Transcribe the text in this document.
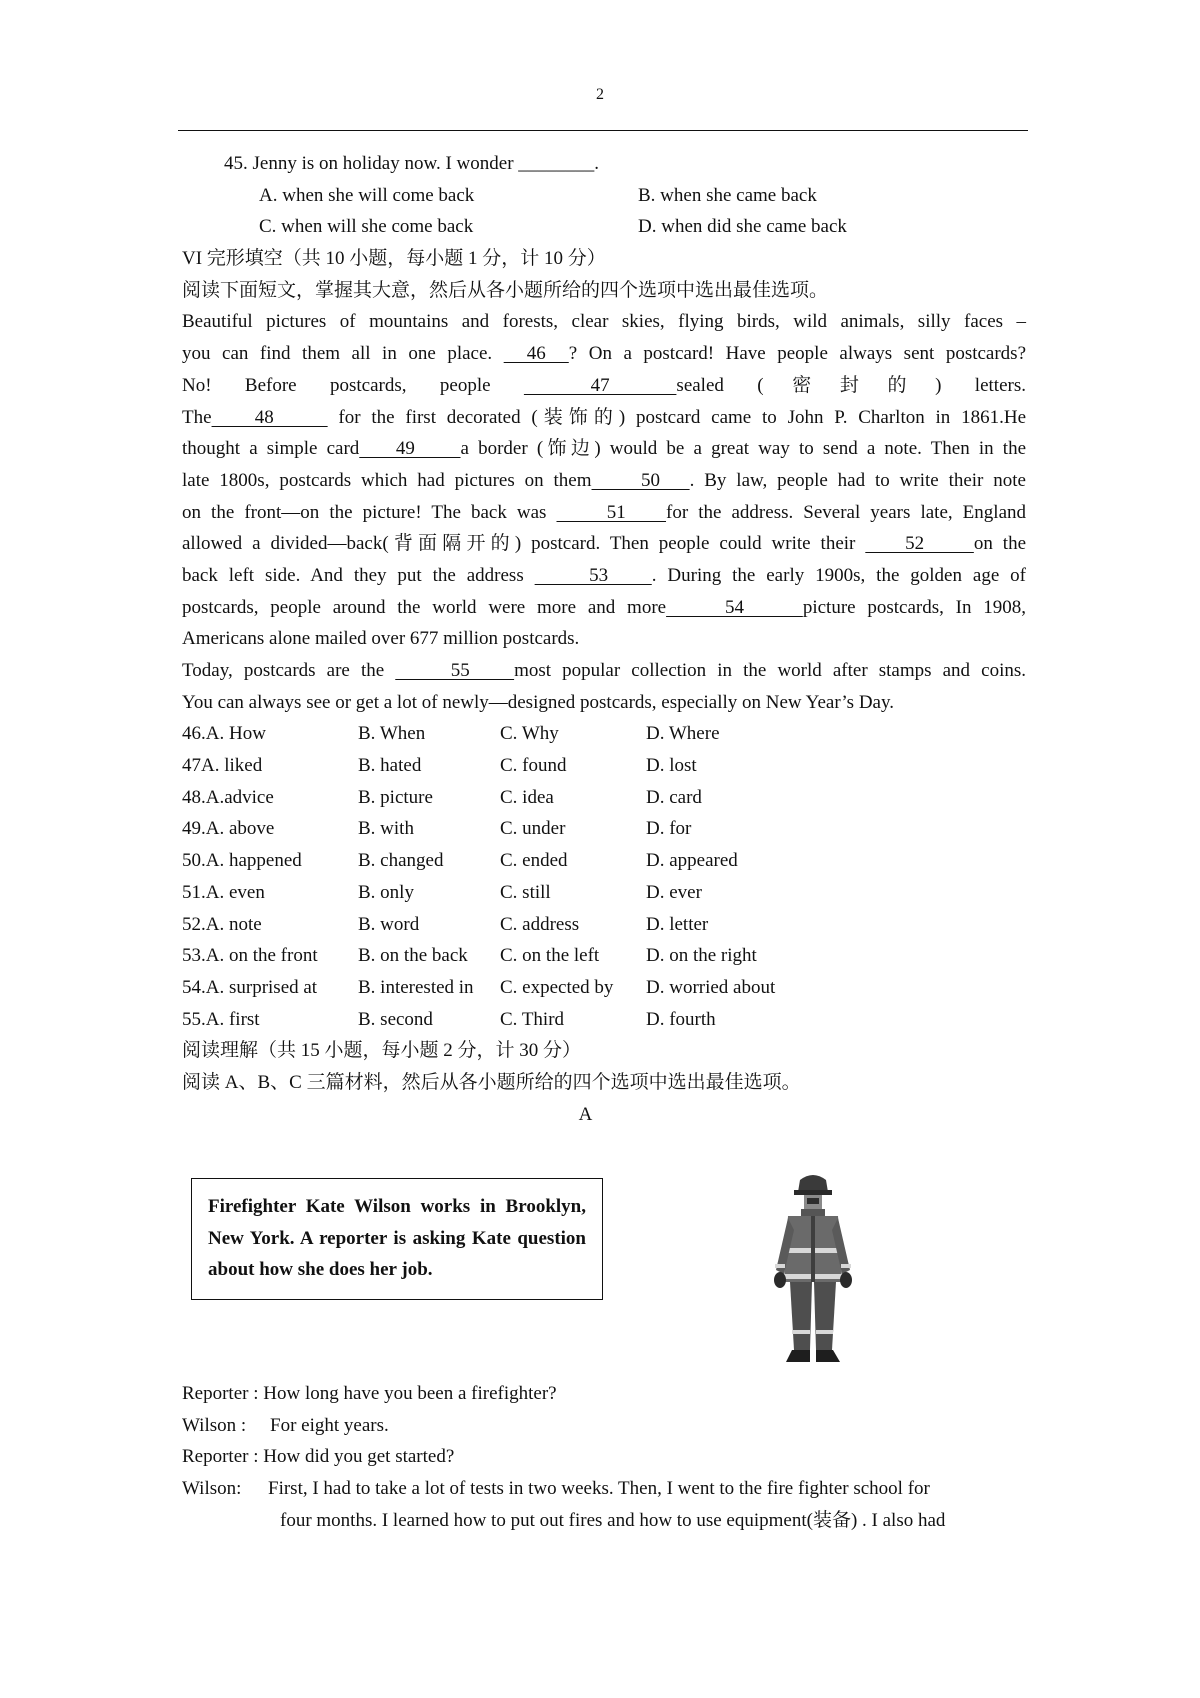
2
45. Jenny is on holiday now. I wonder ________.
A. when she will come back	B. when she came back
C. when will she come back	D. when did she came back
VI 完形填空（共 10 小题，每小题 1 分，计 10 分）
阅读下面短文，掌握其大意，然后从各小题所给的四个选项中选出最佳选项。
Beautiful pictures of mountains and forests, clear skies, flying birds, wild animals, silly faces –
you can find them all in one place.   46  ? On a postcard! Have people always sent postcards?
No! Before postcards, people   47  sealed (密封的) letters.
The    48      for the first decorated (装饰的) postcard came to John P. Charlton in 1861.He
thought a simple card    49     a border (饰边) would be a great way to send a note. Then in the
late 1800s, postcards which had pictures on them     50   . By law, people had to write their note
on the front—on the picture! The back was      51    for the address. Several years late, England
allowed a divided—back(背面隔开的) postcard. Then people could write their     52     on the
back left side. And they put the address      53    . During the early 1900s, the golden age of
postcards, people around the world were more and more     54     picture postcards, In 1908,
Americans alone mailed over 677 million postcards.
Today, postcards are the      55    most popular collection in the world after stamps and coins.
You can always see or get a lot of newly—designed postcards, especially on New Year’s Day.
46.A. How	B. When	C. Why	D. Where
47A. liked	B. hated	C. found	D. lost
48.A.advice	B. picture	C. idea	D. card
49.A. above	B. with	C. under	D. for
50.A. happened	B. changed	C. ended	D. appeared
51.A. even	B. only	C. still	D. ever
52.A. note	B. word	C. address	D. letter
53.A. on the front B. on the back C. on the left D. on the right
54.A. surprised at B. interested in C. expected by D. worried about
55.A. first	B. second	C. Third	D. fourth
阅读理解（共 15 小题，每小题 2 分，计 30 分）
阅读 A、B、C 三篇材料，然后从各小题所给的四个选项中选出最佳选项。
A

Firefighter Kate Wilson works in Brooklyn, New York. A reporter is asking Kate question about how she does her job.

Reporter : How long have you been a firefighter?
Wilson : For eight years.
Reporter : How did you get started?
Wilson: First, I had to take a lot of tests in two weeks. Then, I went to the fire fighter school for
four months. I learned how to put out fires and how to use equipment(装备) . I also had
